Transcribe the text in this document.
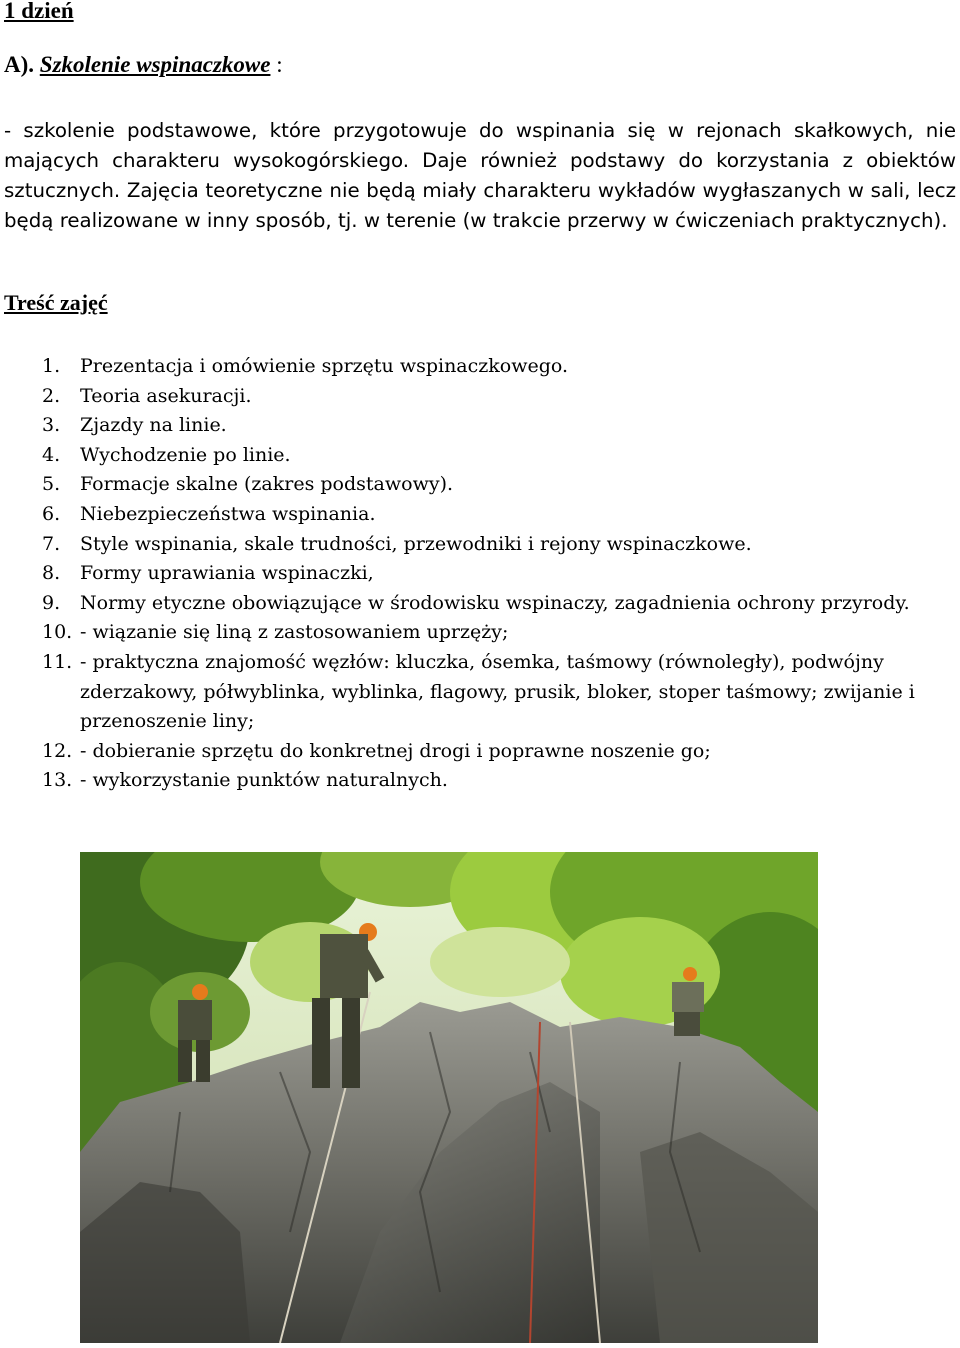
1 dzień
A). Szkolenie wspinaczkowe :

- szkolenie podstawowe, które przygotowuje do wspinania się w rejonach skałkowych, nie mających charakteru wysokogórskiego. Daje również podstawy do korzystania z obiektów sztucznych. Zajęcia teoretyczne nie będą miały charakteru wykładów wygłaszanych w sali, lecz będą realizowane w inny sposób, tj. w terenie (w trakcie przerwy w ćwiczeniach praktycznych).

Treść zajęć
1. Prezentacja i omówienie sprzętu wspinaczkowego.
2. Teoria asekuracji.
3. Zjazdy na linie.
4. Wychodzenie po linie.
5. Formacje skalne (zakres podstawowy).
6. Niebezpieczeństwa wspinania.
7. Style wspinania, skale trudności, przewodniki i rejony wspinaczkowe.
8. Formy uprawiania wspinaczki,
9. Normy etyczne obowiązujące w środowisku wspinaczy, zagadnienia ochrony przyrody.
10. - wiązanie się liną z zastosowaniem uprzęży;
11. - praktyczna znajomość węzłów: kluczka, ósemka, taśmowy (równoległy), podwójny zderzakowy, półwyblinka, wyblinka, flagowy, prusik, bloker, stoper taśmowy; zwijanie i przenoszenie liny;
12. - dobieranie sprzętu do konkretnej drogi i poprawne noszenie go;
13. - wykorzystanie punktów naturalnych.
